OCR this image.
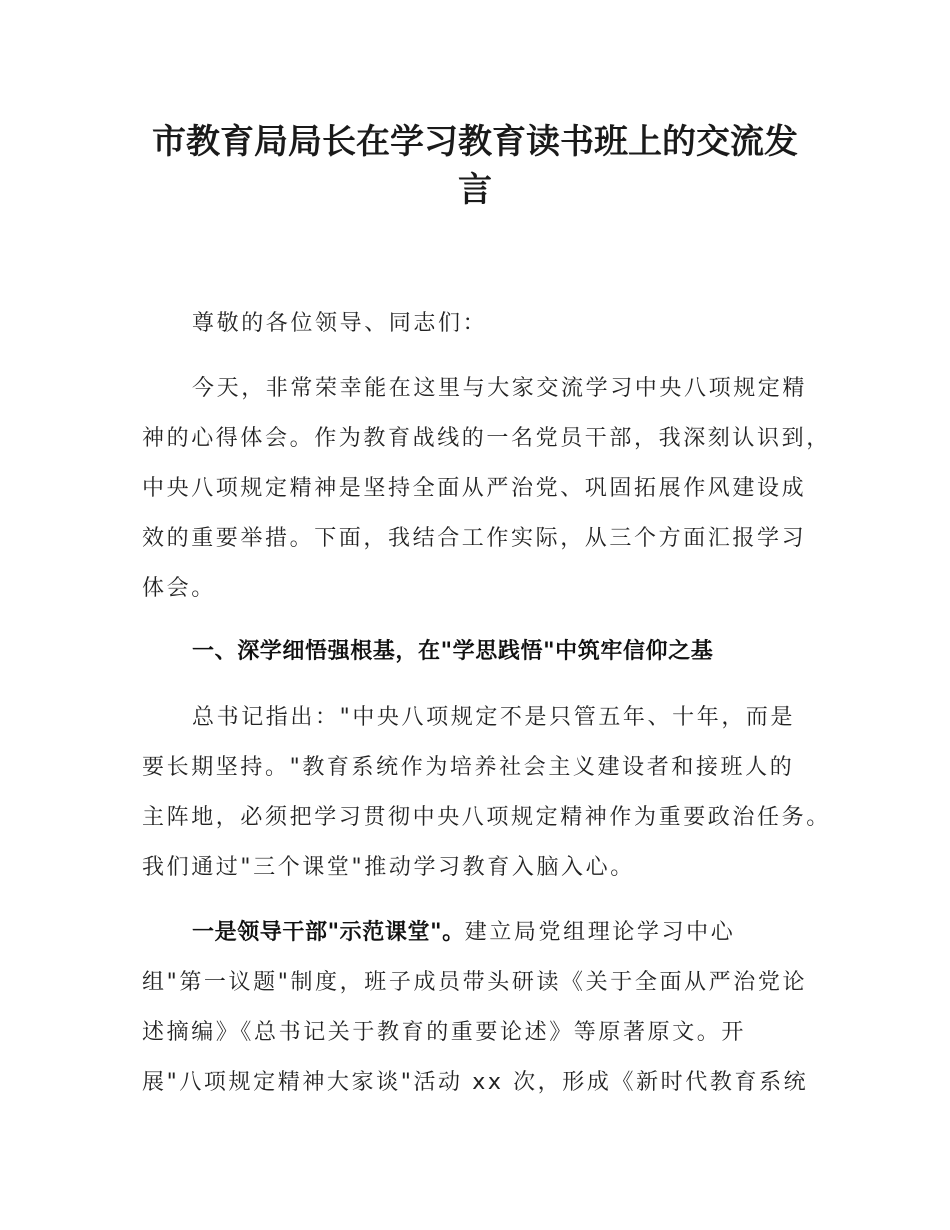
市教育局局长在学习教育读书班上的交流发
言
尊敬的各位领导、同志们：
今天，非常荣幸能在这里与大家交流学习中央八项规定精
神的心得体会。作为教育战线的一名党员干部，我深刻认识到，
中央八项规定精神是坚持全面从严治党、巩固拓展作风建设成
效的重要举措。下面，我结合工作实际，从三个方面汇报学习
体会。
一、深学细悟强根基，在"学思践悟"中筑牢信仰之基
总书记指出："中央八项规定不是只管五年、十年，而是
要长期坚持。"教育系统作为培养社会主义建设者和接班人的
主阵地，必须把学习贯彻中央八项规定精神作为重要政治任务。
我们通过"三个课堂"推动学习教育入脑入心。
一是领导干部"示范课堂"。建立局党组理论学习中心
组"第一议题"制度，班子成员带头研读《关于全面从严治党论
述摘编》《总书记关于教育的重要论述》等原著原文。开
展"八项规定精神大家谈"活动 xx 次，形成《新时代教育系统
